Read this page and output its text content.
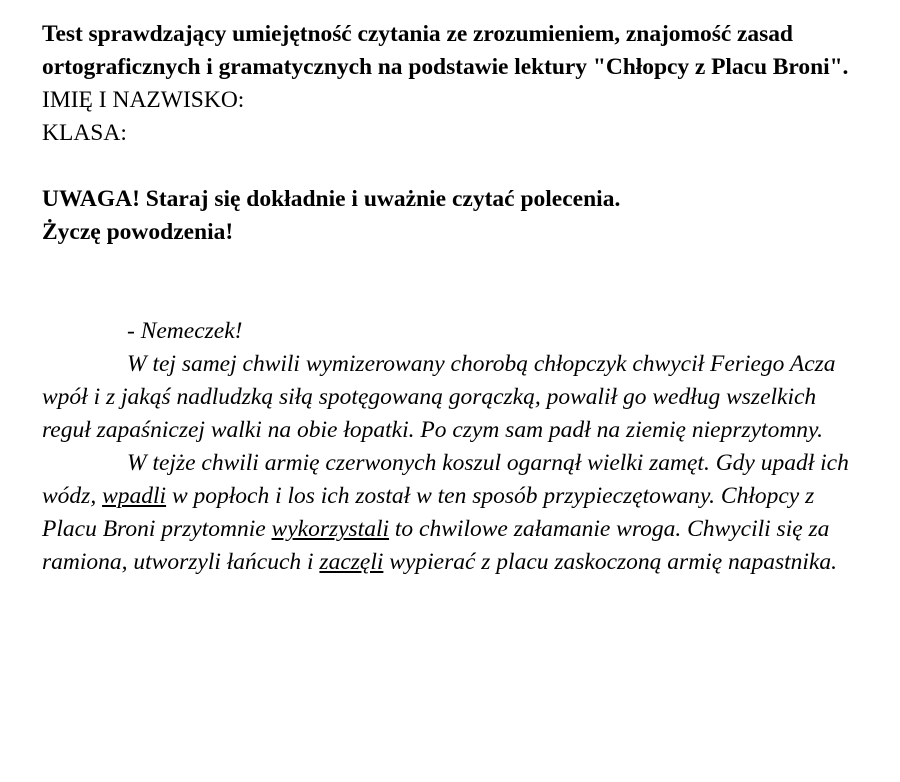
Test sprawdzający umiejętność czytania ze zrozumieniem, znajomość zasad ortograficznych i gramatycznych na podstawie lektury "Chłopcy z Placu Broni".
IMIĘ I NAZWISKO:
KLASA:
UWAGA! Staraj się dokładnie i uważnie czytać polecenia.
Życzę powodzenia!

- Nemeczek!

W tej samej chwili wymizerowany chorobą chłopczyk chwycił Feriego Acza wpół i z jakąś nadludzką siłą spotęgowaną gorączką, powalił go według wszelkich reguł zapaśniczej walki na obie łopatki. Po czym sam padł na ziemię nieprzytomny.

W tejże chwili armię czerwonych koszul ogarnął wielki zamęt. Gdy upadł ich wódz, wpadli w popłoch i los ich został w ten sposób przypieczętowany. Chłopcy z Placu Broni przytomnie wykorzystali to chwilowe załamanie wroga. Chwycili się za ramiona, utworzyli łańcuch i zaczęli wypierać z placu zaskoczoną armię napastnika.
